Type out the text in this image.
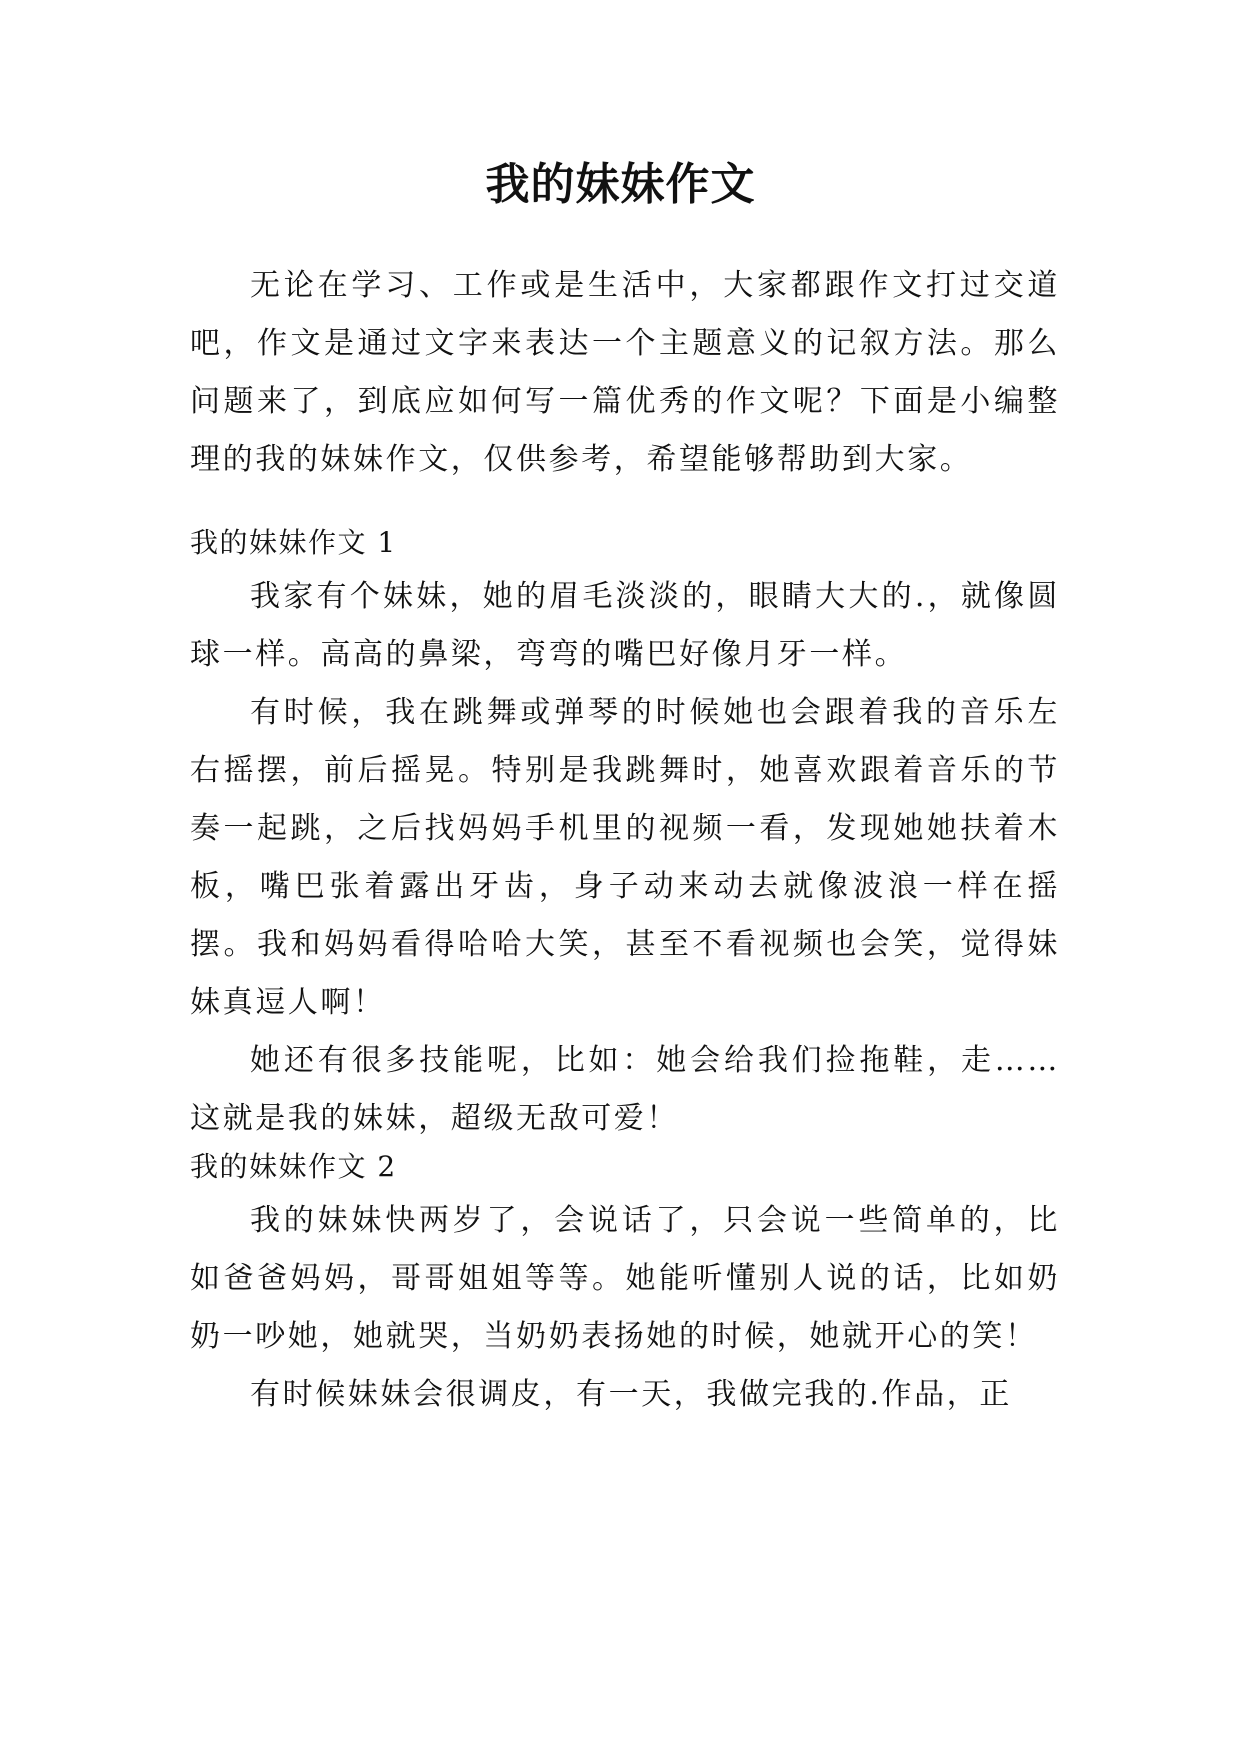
我的妹妹作文

无论在学习、工作或是生活中，大家都跟作文打过交道吧，作文是通过文字来表达一个主题意义的记叙方法。那么问题来了，到底应如何写一篇优秀的作文呢？下面是小编整理的我的妹妹作文，仅供参考，希望能够帮助到大家。

我的妹妹作文 1

我家有个妹妹，她的眉毛淡淡的，眼睛大大的.，就像圆球一样。高高的鼻梁，弯弯的嘴巴好像月牙一样。

有时候，我在跳舞或弹琴的时候她也会跟着我的音乐左右摇摆，前后摇晃。特别是我跳舞时，她喜欢跟着音乐的节奏一起跳，之后找妈妈手机里的视频一看，发现她她扶着木板，嘴巴张着露出牙齿，身子动来动去就像波浪一样在摇摆。我和妈妈看得哈哈大笑，甚至不看视频也会笑，觉得妹妹真逗人啊！

她还有很多技能呢，比如：她会给我们捡拖鞋，走……这就是我的妹妹，超级无敌可爱！

我的妹妹作文 2

我的妹妹快两岁了，会说话了，只会说一些简单的，比如爸爸妈妈，哥哥姐姐等等。她能听懂别人说的话，比如奶奶一吵她，她就哭，当奶奶表扬她的时候，她就开心的笑！

有时候妹妹会很调皮，有一天，我做完我的.作品，正
